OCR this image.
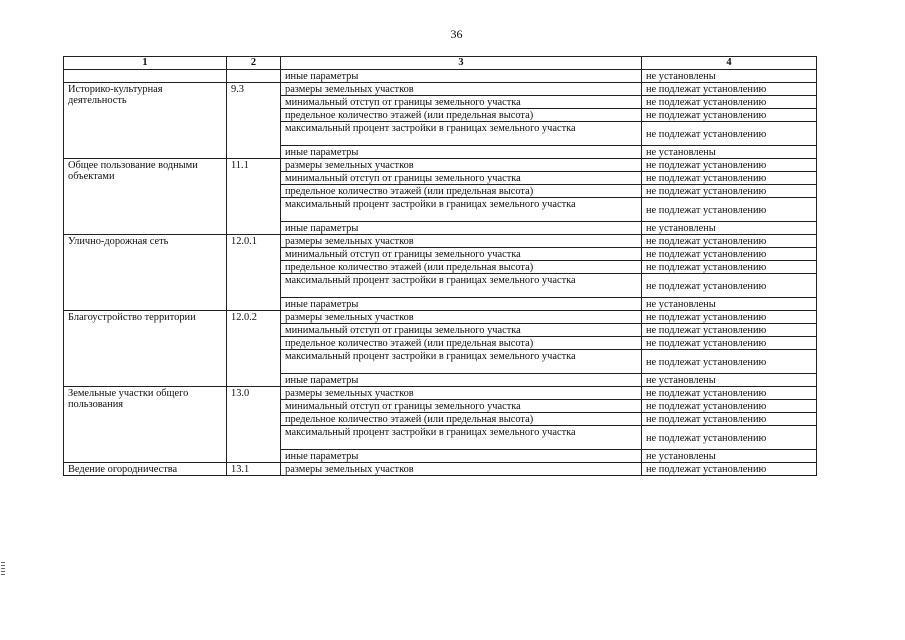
36
1	2	3	4
		иные параметры	не установлены
Историко-культурная деятельность	9.3	размеры земельных участков	не подлежат установлению
		минимальный отступ от границы земельного участка	не подлежат установлению
		предельное количество этажей (или предельная высота)	не подлежат установлению
		максимальный процент застройки в границах земельного участка	не подлежат установлению
		иные параметры	не установлены
Общее пользование водными объектами	11.1	размеры земельных участков	не подлежат установлению
		минимальный отступ от границы земельного участка	не подлежат установлению
		предельное количество этажей (или предельная высота)	не подлежат установлению
		максимальный процент застройки в границах земельного участка	не подлежат установлению
		иные параметры	не установлены
Улично-дорожная сеть	12.0.1	размеры земельных участков	не подлежат установлению
		минимальный отступ от границы земельного участка	не подлежат установлению
		предельное количество этажей (или предельная высота)	не подлежат установлению
		максимальный процент застройки в границах земельного участка	не подлежат установлению
		иные параметры	не установлены
Благоустройство территории	12.0.2	размеры земельных участков	не подлежат установлению
		минимальный отступ от границы земельного участка	не подлежат установлению
		предельное количество этажей (или предельная высота)	не подлежат установлению
		максимальный процент застройки в границах земельного участка	не подлежат установлению
		иные параметры	не установлены
Земельные участки общего пользования	13.0	размеры земельных участков	не подлежат установлению
		минимальный отступ от границы земельного участка	не подлежат установлению
		предельное количество этажей (или предельная высота)	не подлежат установлению
		максимальный процент застройки в границах земельного участка	не подлежат установлению
		иные параметры	не установлены
Ведение огородничества	13.1	размеры земельных участков	не подлежат установлению
